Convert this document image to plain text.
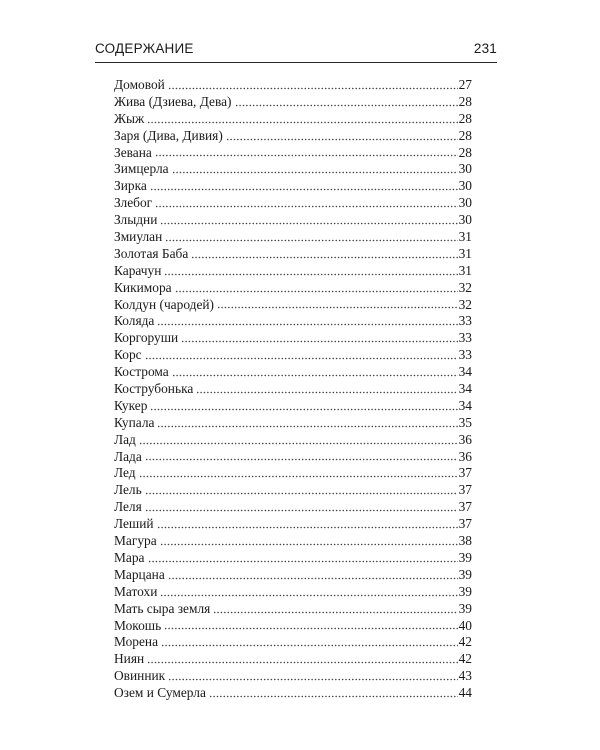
СОДЕРЖАНИЕ	231
Домовой	27
Жива (Дзиева, Дева)	28
Жыж	28
Заря (Дива, Дивия)	28
Зевана	28
Зимцерла	30
Зирка	30
Злебог	30
Злыдни	30
Змиулан	31
Золотая Баба	31
Карачун	31
Кикимора	32
Колдун (чародей)	32
Коляда	33
Коргоруши	33
Корс	33
Кострома	34
Кострубонька	34
Кукер	34
Купала	35
Лад	36
Лада	36
Лед	37
Лель	37
Леля	37
Леший	37
Магура	38
Мара	39
Марцана	39
Матохи	39
Мать сыра земля	39
Мокошь	40
Морена	42
Ниян	42
Овинник	43
Озем и Сумерла	44
